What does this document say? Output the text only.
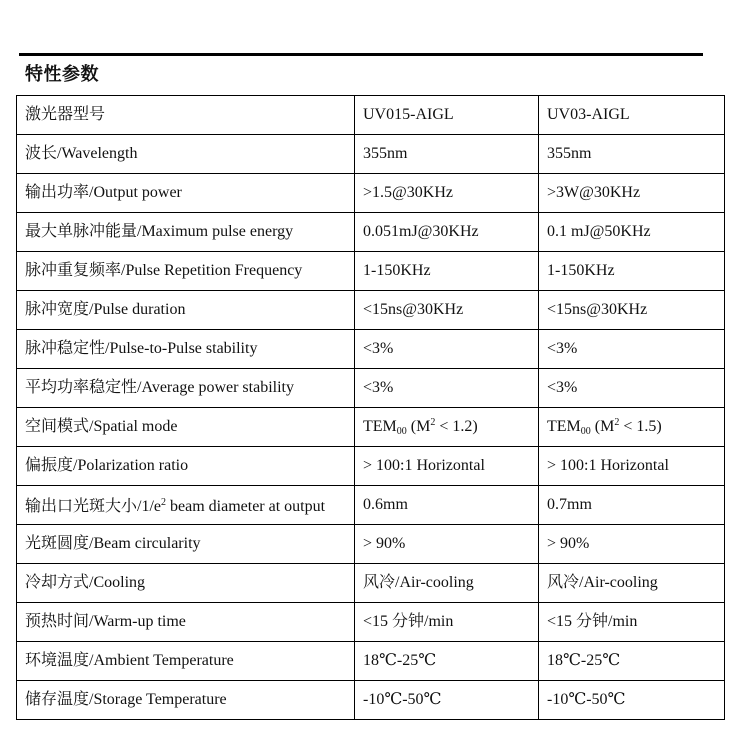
特性参数
激光器型号	UV015-AIGL	UV03-AIGL
波长/Wavelength	355nm	355nm
输出功率/Output power	>1.5@30KHz	>3W@30KHz
最大单脉冲能量/Maximum pulse energy	0.051mJ@30KHz	0.1 mJ@50KHz
脉冲重复频率/Pulse Repetition Frequency	1-150KHz	1-150KHz
脉冲宽度/Pulse duration	<15ns@30KHz	<15ns@30KHz
脉冲稳定性/Pulse-to-Pulse stability	<3%	<3%
平均功率稳定性/Average power stability	<3%	<3%
空间模式/Spatial mode	$TEM_{00}$ $(M^2 < 1.2)$	$TEM_{00}$ $(M^2 < 1.5)$
偏振度/Polarization ratio	> 100:1 Horizontal	> 100:1 Horizontal
输出口光斑大小$/1/e^2$ beam diameter at output	0.6mm	0.7mm
光斑圆度/Beam circularity	> 90%	> 90%
冷却方式/Cooling	风冷/Air-cooling	风冷/Air-cooling
预热时间/Warm-up time	<15 分钟/min	<15 分钟/min
环境温度/Ambient Temperature	18℃-25℃	18℃-25℃
储存温度/Storage Temperature	-10℃-50℃	-10℃-50℃
